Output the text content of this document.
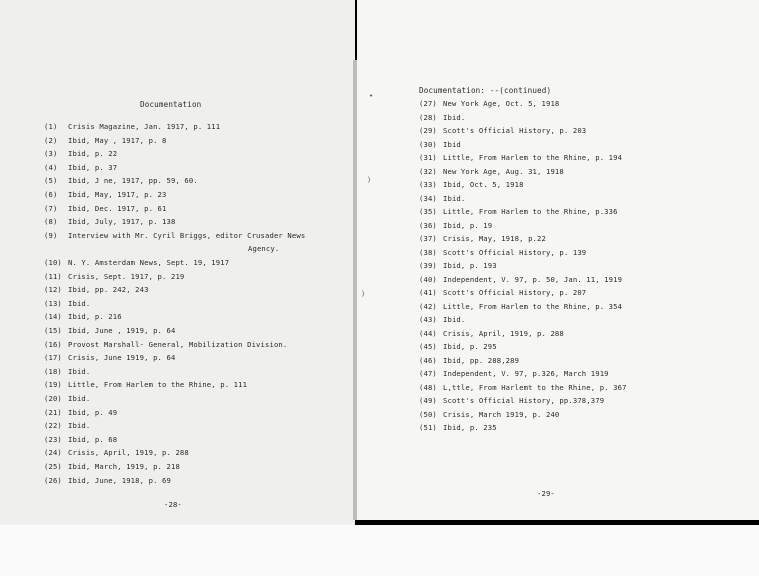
Documentation
(1) Crisis Magazine, Jan. 1917, p. 111
(2) Ibid, May , 1917, p. 8
(3) Ibid, p. 22
(4) Ibid, p. 37
(5) Ibid, J ne, 1917, pp. 59, 60.
(6) Ibid, May, 1917, p. 23
(7) Ibid, Dec. 1917, p. 61
(8) Ibid, July, 1917, p. 138
(9) Interview with Mr. Cyril Briggs, editor Crusader News
Agency.
(10) N. Y. Amsterdam News, Sept. 19, 1917
(11) Crisis, Sept. 1917, p. 219
(12) Ibid, pp. 242, 243
(13) Ibid.
(14) Ibid, p. 216
(15) Ibid, June , 1919, p. 64
(16) Provost Marshall- General, Mobilization Division.
(17) Crisis, June 1919, p. 64
(18) Ibid.
(19) Little, From Harlem to the Rhine, p. 111
(20) Ibid.
(21) Ibid, p. 49
(22) Ibid.
(23) Ibid, p. 68
(24) Crisis, April, 1919, p. 288
(25) Ibid, March, 1919, p. 218
(26) Ibid, June, 1918, p. 69
-28-
Documentation: --(continued)
(27) New York Age, Oct. 5, 1918
(28) Ibid.
(29) Scott's Official History, p. 203
(30) Ibid
(31) Little, From Harlem to the Rhine, p. 194
(32) New York Age, Aug. 31, 1918
(33) Ibid, Oct. 5, 1918
(34) Ibid.
(35) Little, From Harlem to the Rhine, p.336
(36) Ibid, p. 19
(37) Crisis, May, 1918, p.22
(38) Scott's Official History, p. 139
(39) Ibid, p. 193
(40) Independent, V. 97, p. 50, Jan. 11, 1919
(41) Scott's Official History, p. 207
(42) Little, From Harlem to the Rhine, p. 354
(43) Ibid.
(44) Crisis, April, 1919, p. 288
(45) Ibid, p. 295
(46) Ibid, pp. 288,289
(47) Independent, V. 97, p.326, March 1919
(48) L,ttle, From Harlemt to the Rhine, p. 367
(49) Scott's Official History, pp.378,379
(50) Crisis, March 1919, p. 240
(51) Ibid, p. 235
-29-
•
)
)
